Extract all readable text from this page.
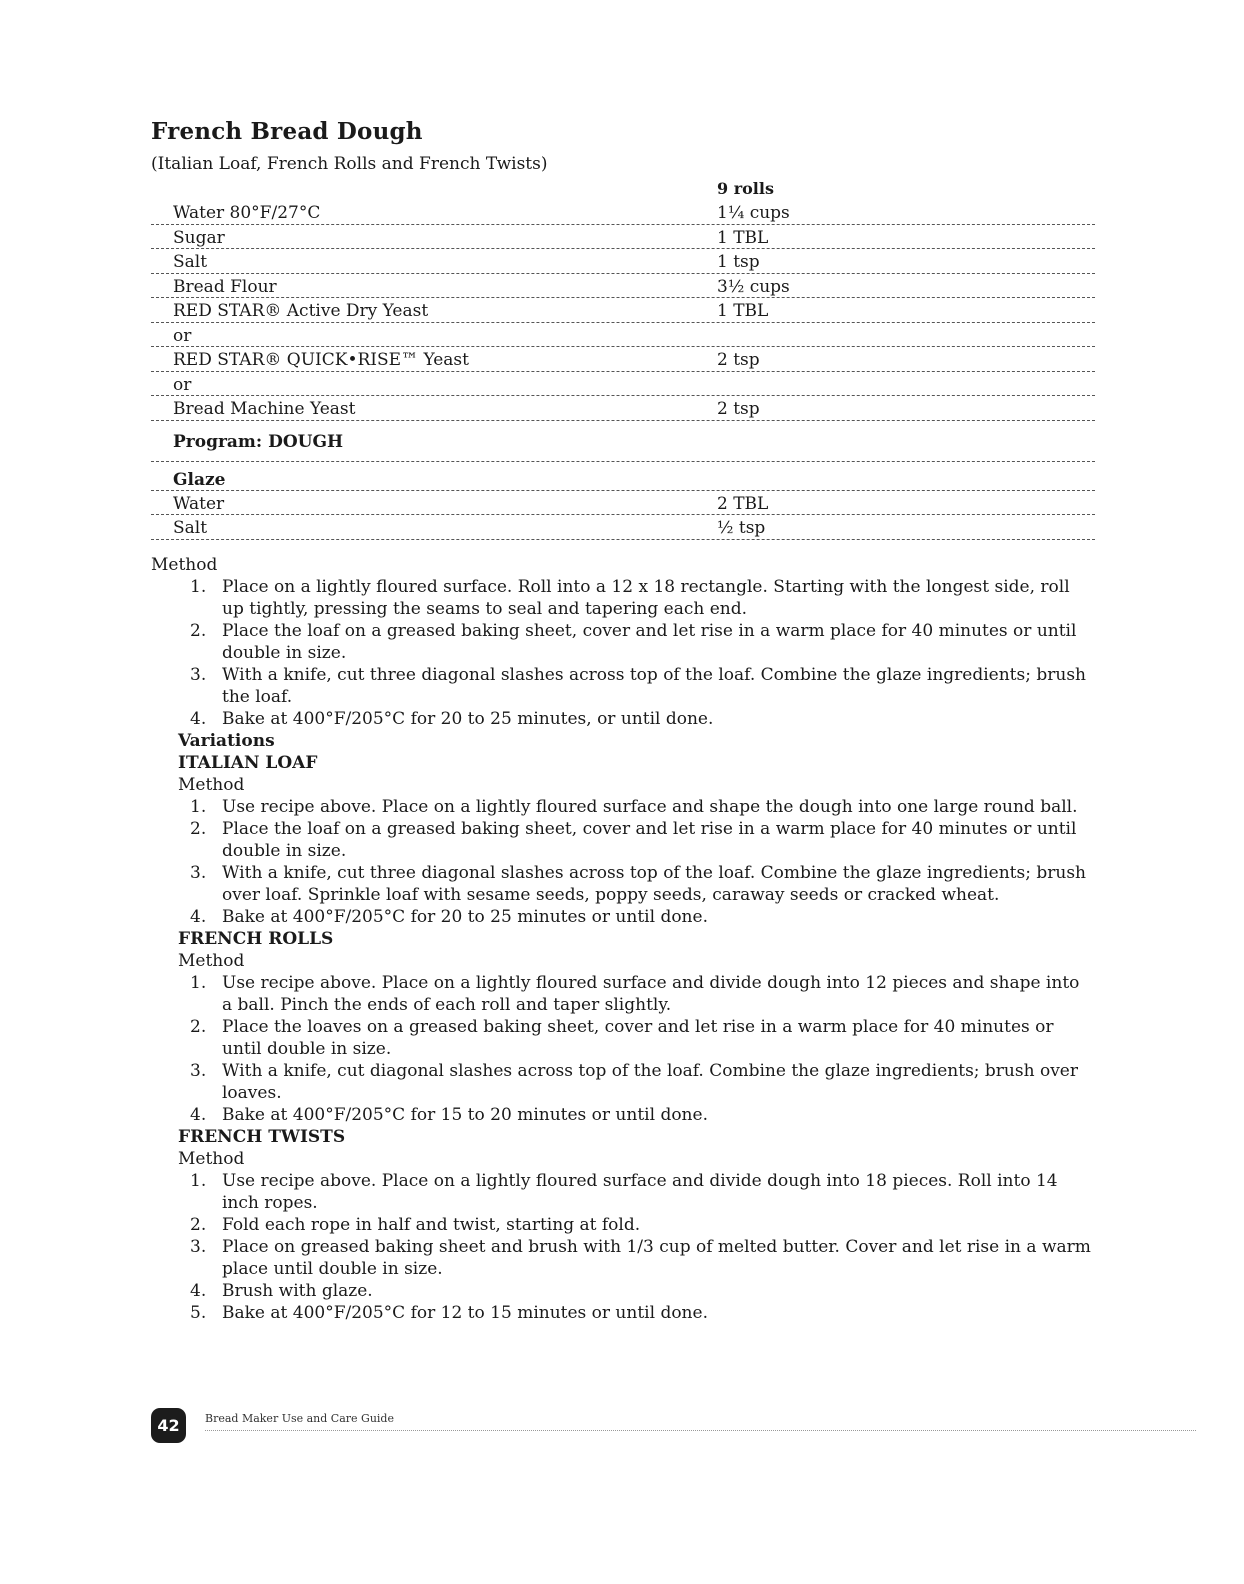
French Bread Dough
(Italian Loaf, French Rolls and French Twists)
9 rolls
Water 80°F/27°C	1¼ cups
Sugar	1 TBL
Salt	1 tsp
Bread Flour	3½ cups
RED STAR® Active Dry Yeast	1 TBL
or
RED STAR® QUICK•RISE™ Yeast	2 tsp
or
Bread Machine Yeast	2 tsp
Program: DOUGH
Glaze
Water	2 TBL
Salt	½ tsp
Method
1. Place on a lightly floured surface. Roll into a 12 x 18 rectangle. Starting with the longest side, roll up tightly, pressing the seams to seal and tapering each end.
2. Place the loaf on a greased baking sheet, cover and let rise in a warm place for 40 minutes or until double in size.
3. With a knife, cut three diagonal slashes across top of the loaf. Combine the glaze ingredients; brush the loaf.
4. Bake at 400°F/205°C for 20 to 25 minutes, or until done.
Variations
ITALIAN LOAF
Method
1. Use recipe above. Place on a lightly floured surface and shape the dough into one large round ball.
2. Place the loaf on a greased baking sheet, cover and let rise in a warm place for 40 minutes or until double in size.
3. With a knife, cut three diagonal slashes across top of the loaf. Combine the glaze ingredients; brush over loaf. Sprinkle loaf with sesame seeds, poppy seeds, caraway seeds or cracked wheat.
4. Bake at 400°F/205°C for 20 to 25 minutes or until done.
FRENCH ROLLS
Method
1. Use recipe above. Place on a lightly floured surface and divide dough into 12 pieces and shape into a ball. Pinch the ends of each roll and taper slightly.
2. Place the loaves on a greased baking sheet, cover and let rise in a warm place for 40 minutes or until double in size.
3. With a knife, cut diagonal slashes across top of the loaf. Combine the glaze ingredients; brush over loaves.
4. Bake at 400°F/205°C for 15 to 20 minutes or until done.
FRENCH TWISTS
Method
1. Use recipe above. Place on a lightly floured surface and divide dough into 18 pieces. Roll into 14 inch ropes.
2. Fold each rope in half and twist, starting at fold.
3. Place on greased baking sheet and brush with 1/3 cup of melted butter. Cover and let rise in a warm place until double in size.
4. Brush with glaze.
5. Bake at 400°F/205°C for 12 to 15 minutes or until done.
42	Bread Maker Use and Care Guide
